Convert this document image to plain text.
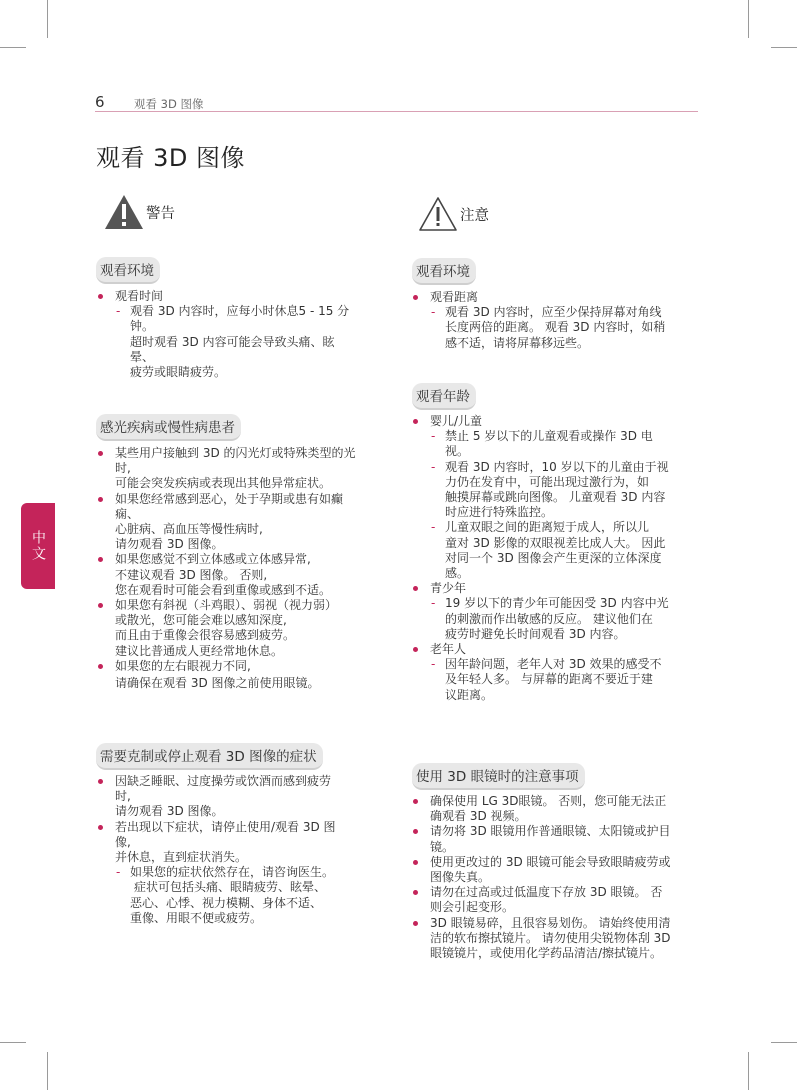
6	观看 3D 图像
观看 3D 图像
中文
警告
观看环境

观看时间

- 观看 3D 内容时，应每小时休息5 - 15 分

钟。

超时观看 3D 内容可能会导致头痛、眩

晕、

疲劳或眼睛疲劳。

感光疾病或慢性病患者

某些用户接触到 3D 的闪光灯或特殊类型的光

时,

可能会突发疾病或表现出其他异常症状。

如果您经常感到恶心，处于孕期或患有如癫

痫、

心脏病、高血压等慢性病时,

请勿观看 3D 图像。

如果您感觉不到立体感或立体感异常,

不建议观看 3D 图像。 否则,

您在观看时可能会看到重像或感到不适。

如果您有斜视（斗鸡眼）、弱视（视力弱）

或散光，您可能会难以感知深度,

而且由于重像会很容易感到疲劳。

建议比普通成人更经常地休息。

如果您的左右眼视力不同,

请确保在观看 3D 图像之前使用眼镜。

需要克制或停止观看 3D 图像的症状

因缺乏睡眠、过度操劳或饮酒而感到疲劳

时,

请勿观看 3D 图像。

若出现以下症状，请停止使用/观看 3D 图

像,

并休息，直到症状消失。

- 如果您的症状依然存在，请咨询医生。

症状可包括头痛、眼睛疲劳、眩晕、

恶心、心悸、视力模糊、身体不适、

重像、用眼不便或疲劳。

注意
观看环境

观看距离

- 观看 3D 内容时，应至少保持屏幕对角线

长度两倍的距离。 观看 3D 内容时，如稍

感不适，请将屏幕移远些。

观看年龄

婴儿/儿童

- 禁止 5 岁以下的儿童观看或操作 3D 电

视。

- 观看 3D 内容时，10 岁以下的儿童由于视

力仍在发育中，可能出现过激行为，如

触摸屏幕或跳向图像。 儿童观看 3D 内容

时应进行特殊监控。

- 儿童双眼之间的距离短于成人，所以儿

童对 3D 影像的双眼视差比成人大。 因此

对同一个 3D 图像会产生更深的立体深度

感。

青少年

- 19 岁以下的青少年可能因受 3D 内容中光

的刺激而作出敏感的反应。 建议他们在

疲劳时避免长时间观看 3D 内容。

老年人

- 因年龄问题，老年人对 3D 效果的感受不

及年轻人多。 与屏幕的距离不要近于建

议距离。

使用 3D 眼镜时的注意事项

确保使用 LG 3D眼镜。 否则，您可能无法正

确观看 3D 视频。

请勿将 3D 眼镜用作普通眼镜、太阳镜或护目

镜。

使用更改过的 3D 眼镜可能会导致眼睛疲劳或

图像失真。

请勿在过高或过低温度下存放 3D 眼镜。 否

则会引起变形。

3D 眼镜易碎，且很容易划伤。 请始终使用清

洁的软布擦拭镜片。 请勿使用尖锐物体刮 3D

眼镜镜片，或使用化学药品清洁/擦拭镜片。
